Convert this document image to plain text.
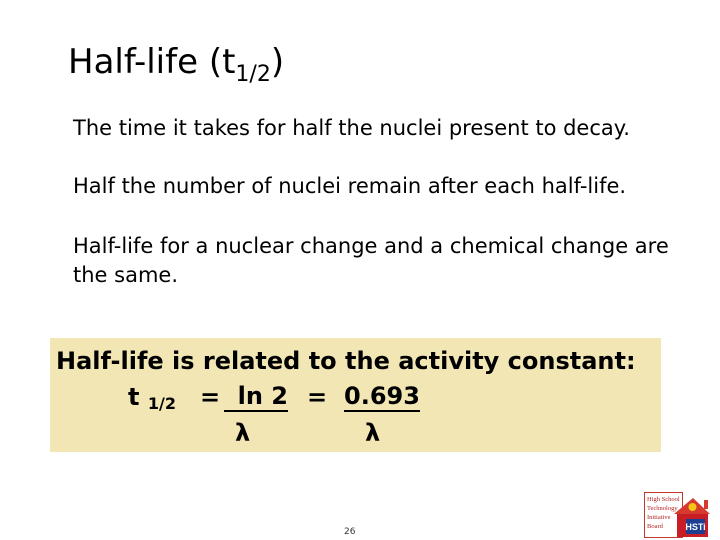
Half-life $(t_{1/2})$
The time it takes for half the nuclei present to decay.
Half the number of nuclei remain after each half-life.
Half-life for a nuclear change and a chemical change are the same.
Half-life is related to the activity constant:
t $_{1/2}$ = ln 2 = 0.693
λ	λ
26
High School
Technology
Initiative
Board HSTi
